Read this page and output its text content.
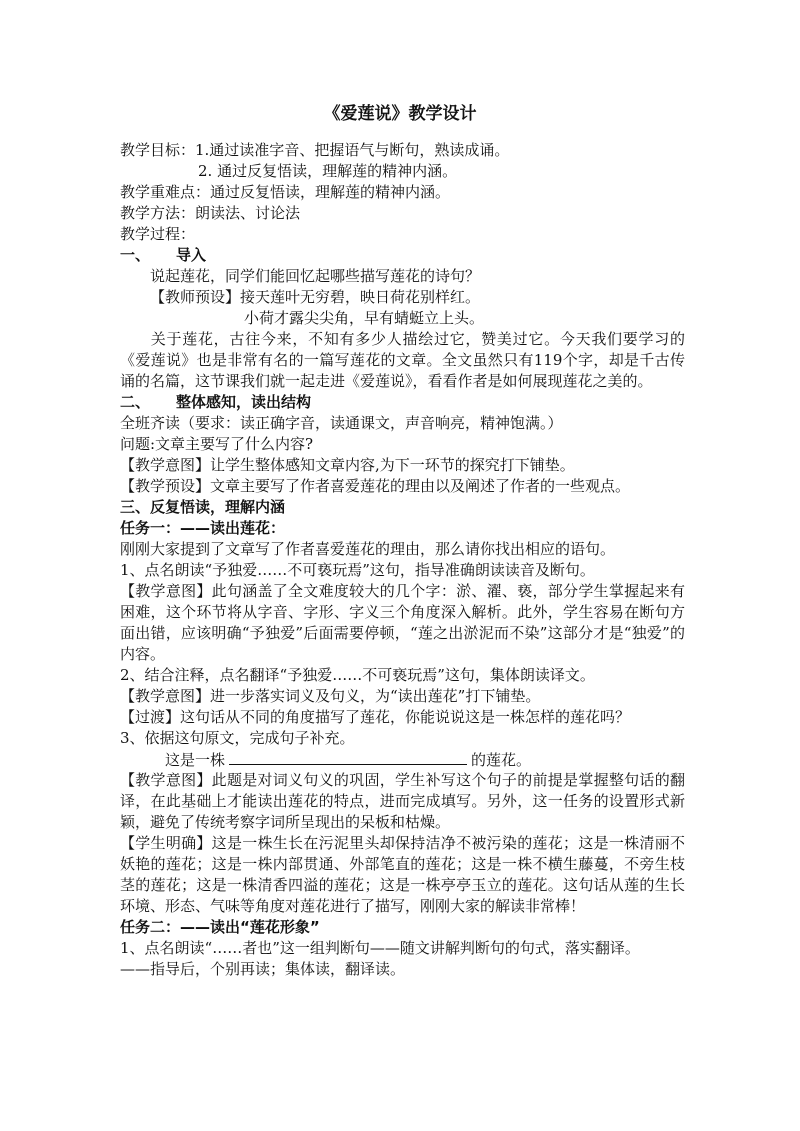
《爱莲说》教学设计

教学目标：1.通过读准字音、把握语气与断句，熟读成诵。

2. 通过反复悟读，理解莲的精神内涵。

教学重难点：通过反复悟读，理解莲的精神内涵。

教学方法：朗读法、讨论法

教学过程：

一、 导入

说起莲花，同学们能回忆起哪些描写莲花的诗句？

【教师预设】接天莲叶无穷碧，映日荷花别样红。

小荷才露尖尖角，早有蜻蜓立上头。

关于莲花，古往今来，不知有多少人描绘过它，赞美过它。今天我们要学习的《爱莲说》也是非常有名的一篇写莲花的文章。全文虽然只有119个字，却是千古传诵的名篇，这节课我们就一起走进《爱莲说》，看看作者是如何展现莲花之美的。

二、 整体感知，读出结构

全班齐读（要求：读正确字音，读通课文，声音响亮，精神饱满。）

问题:文章主要写了什么内容?

【教学意图】让学生整体感知文章内容,为下一环节的探究打下铺垫。

【教学预设】文章主要写了作者喜爱莲花的理由以及阐述了作者的一些观点。

三、反复悟读，理解内涵

任务一：——读出莲花：

刚刚大家提到了文章写了作者喜爱莲花的理由，那么请你找出相应的语句。

1、点名朗读“予独爱……不可亵玩焉”这句，指导准确朗读读音及断句。

【教学意图】此句涵盖了全文难度较大的几个字：淤、濯、亵，部分学生掌握起来有困难，这个环节将从字音、字形、字义三个角度深入解析。此外，学生容易在断句方面出错，应该明确“予独爱”后面需要停顿，“莲之出淤泥而不染”这部分才是“独爱”的内容。

2、结合注释，点名翻译“予独爱……不可亵玩焉”这句，集体朗读译文。

【教学意图】进一步落实词义及句义，为“读出莲花”打下铺垫。

【过渡】这句话从不同的角度描写了莲花，你能说说这是一株怎样的莲花吗？

3、依据这句原文，完成句子补充。

这是一株	的莲花。

【教学意图】此题是对词义句义的巩固，学生补写这个句子的前提是掌握整句话的翻译，在此基础上才能读出莲花的特点，进而完成填写。另外，这一任务的设置形式新颖，避免了传统考察字词所呈现出的呆板和枯燥。

【学生明确】这是一株生长在污泥里头却保持洁净不被污染的莲花；这是一株清丽不妖艳的莲花；这是一株内部贯通、外部笔直的莲花；这是一株不横生藤蔓，不旁生枝茎的莲花；这是一株清香四溢的莲花；这是一株亭亭玉立的莲花。这句话从莲的生长环境、形态、气味等角度对莲花进行了描写，刚刚大家的解读非常棒！

任务二：——读出“莲花形象”

1、点名朗读“……者也”这一组判断句——随文讲解判断句的句式，落实翻译。

——指导后，个别再读；集体读，翻译读。
